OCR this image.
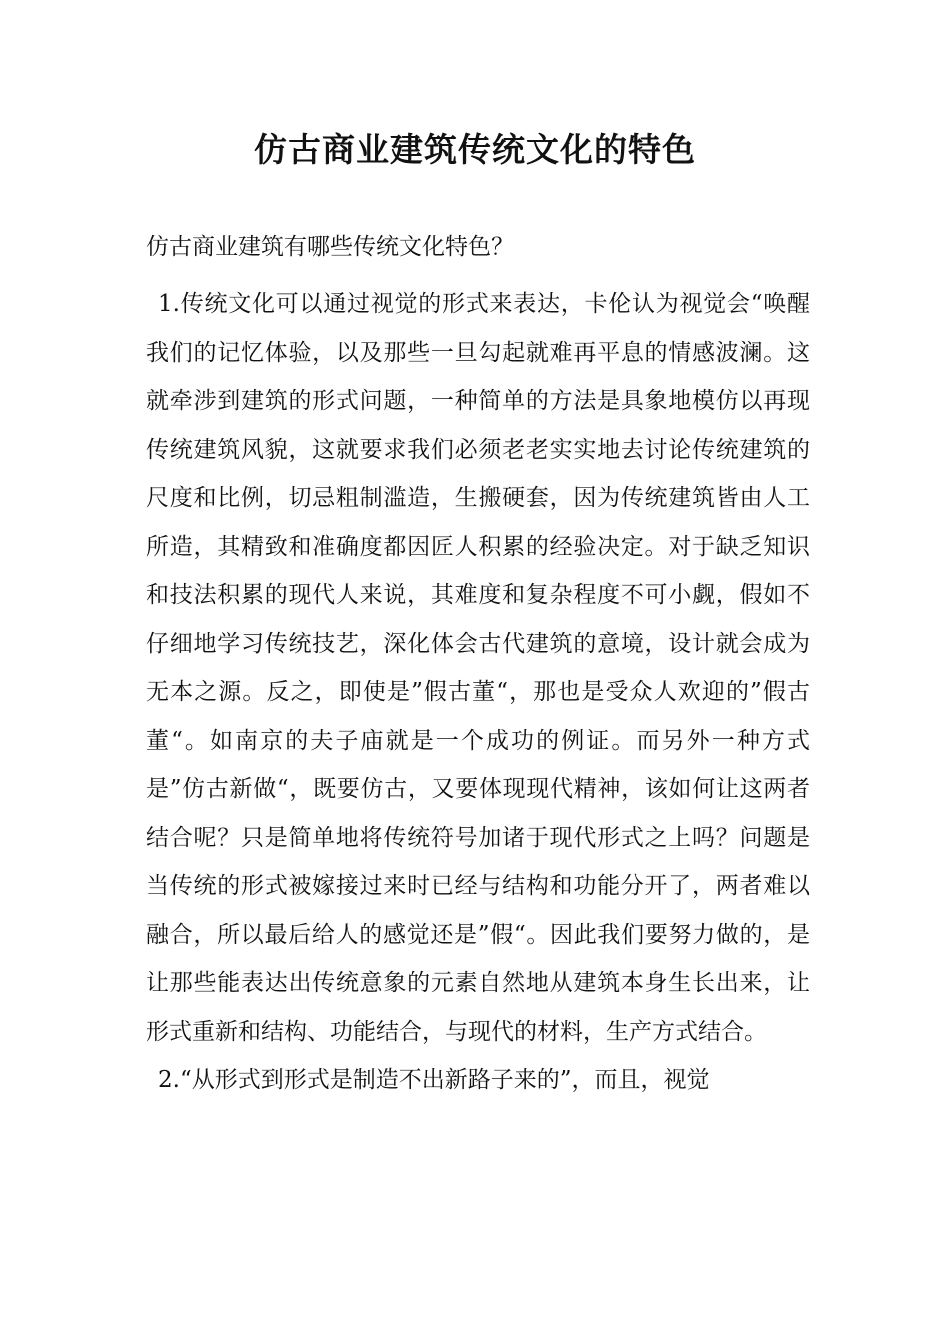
仿古商业建筑传统文化的特色

仿古商业建筑有哪些传统文化特色？

1.传统文化可以通过视觉的形式来表达，卡伦认为视觉会“唤醒我们的记忆体验，以及那些一旦勾起就难再平息的情感波澜。这就牵涉到建筑的形式问题，一种简单的方法是具象地模仿以再现传统建筑风貌，这就要求我们必须老老实实地去讨论传统建筑的尺度和比例，切忌粗制滥造，生搬硬套，因为传统建筑皆由人工所造，其精致和准确度都因匠人积累的经验决定。对于缺乏知识和技法积累的现代人来说，其难度和复杂程度不可小觑，假如不仔细地学习传统技艺，深化体会古代建筑的意境，设计就会成为无本之源。反之，即使是”假古董“，那也是受众人欢迎的”假古董“。如南京的夫子庙就是一个成功的例证。而另外一种方式是”仿古新做“，既要仿古，又要体现现代精神，该如何让这两者结合呢？只是简单地将传统符号加诸于现代形式之上吗？问题是当传统的形式被嫁接过来时已经与结构和功能分开了，两者难以融合，所以最后给人的感觉还是”假“。因此我们要努力做的，是让那些能表达出传统意象的元素自然地从建筑本身生长出来，让形式重新和结构、功能结合，与现代的材料，生产方式结合。

2.“从形式到形式是制造不出新路子来的”，而且，视觉
